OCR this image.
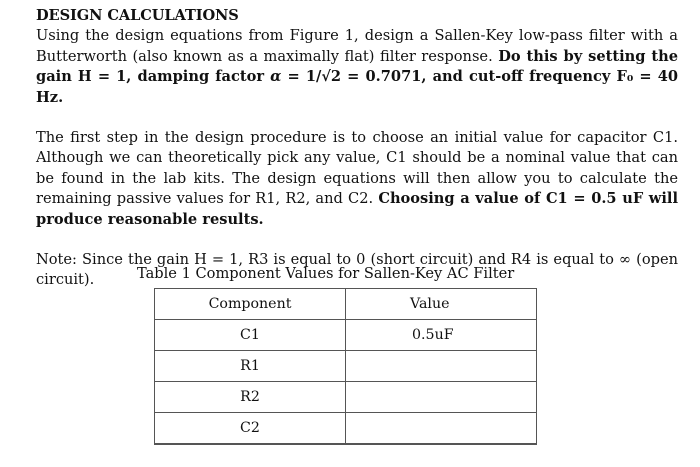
DESIGN CALCULATIONS

Using the design equations from Figure 1, design a Sallen-Key low-pass filter with a Butterworth (also known as a maximally flat) filter response. Do this by setting the gain H = 1, damping factor α = 1/√2 = 0.7071, and cut-off frequency F₀ = 40 Hz.

The first step in the design procedure is to choose an initial value for capacitor C1. Although we can theoretically pick any value, C1 should be a nominal value that can be found in the lab kits. The design equations will then allow you to calculate the remaining passive values for R1, R2, and C2. Choosing a value of C1 = 0.5 uF will produce reasonable results.

Note: Since the gain H = 1, R3 is equal to 0 (short circuit) and R4 is equal to ∞ (open circuit).	Table 1 Component Values for Sallen-Key AC Filter
Component	Value
C1	0.5uF
R1	
R2	
C2	
